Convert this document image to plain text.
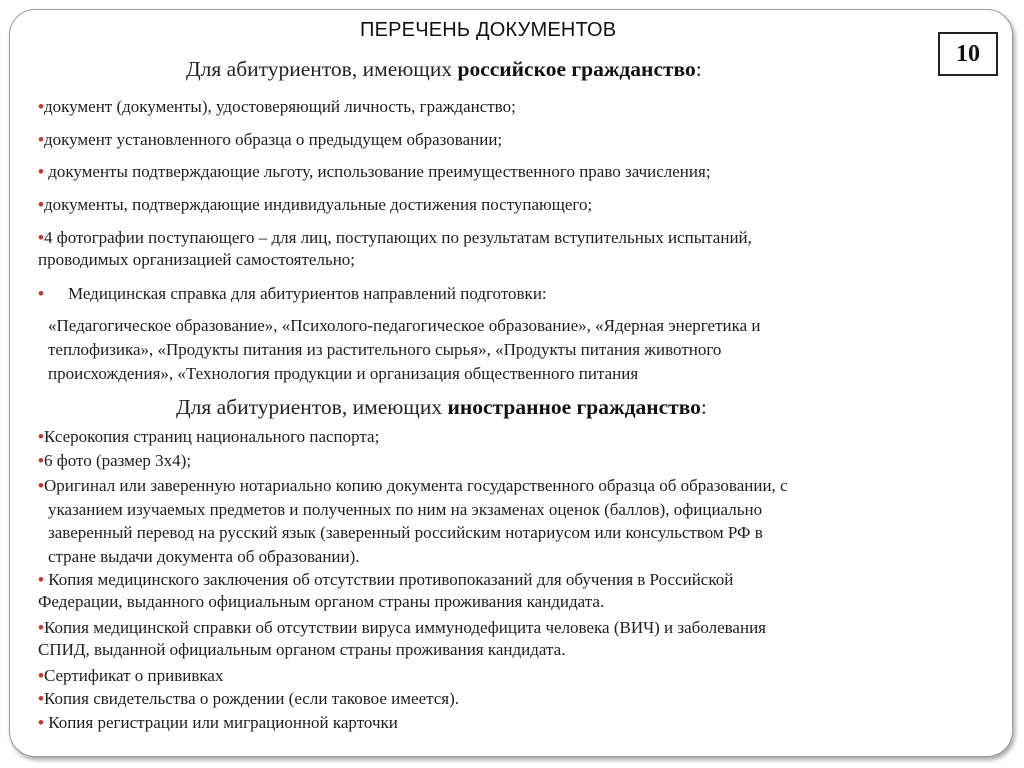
ПЕРЕЧЕНЬ ДОКУМЕНТОВ
10
Для абитуриентов, имеющих российское гражданство:
•документ (документы), удостоверяющий личность, гражданство;
•документ установленного образца о предыдущем образовании;
• документы подтверждающие льготу, использование преимущественного право зачисления;
•документы, подтверждающие индивидуальные достижения поступающего;
•4 фотографии поступающего – для лиц, поступающих по результатам вступительных испытаний,
проводимых организацией самостоятельно;
• Медицинская справка для абитуриентов направлений подготовки:
«Педагогическое образование», «Психолого-педагогическое образование», «Ядерная энергетика и
теплофизика», «Продукты питания из растительного сырья», «Продукты питания животного
происхождения», «Технология продукции и организация общественного питания
Для абитуриентов, имеющих иностранное гражданство:
•Ксерокопия страниц национального паспорта;
•6 фото (размер 3х4);
•Оригинал или заверенную нотариально копию документа государственного образца об образовании, с
указанием изучаемых предметов и полученных по ним на экзаменах оценок (баллов), официально
заверенный перевод на русский язык (заверенный российским нотариусом или консульством РФ в
стране выдачи документа об образовании).
• Копия медицинского заключения об отсутствии противопоказаний для обучения в Российской
Федерации, выданного официальным органом страны проживания кандидата.
•Копия медицинской справки об отсутствии вируса иммунодефицита человека (ВИЧ) и заболевания
СПИД, выданной официальным органом страны проживания кандидата.
•Сертификат о прививках
•Копия свидетельства о рождении (если таковое имеется).
• Копия регистрации или миграционной карточки
